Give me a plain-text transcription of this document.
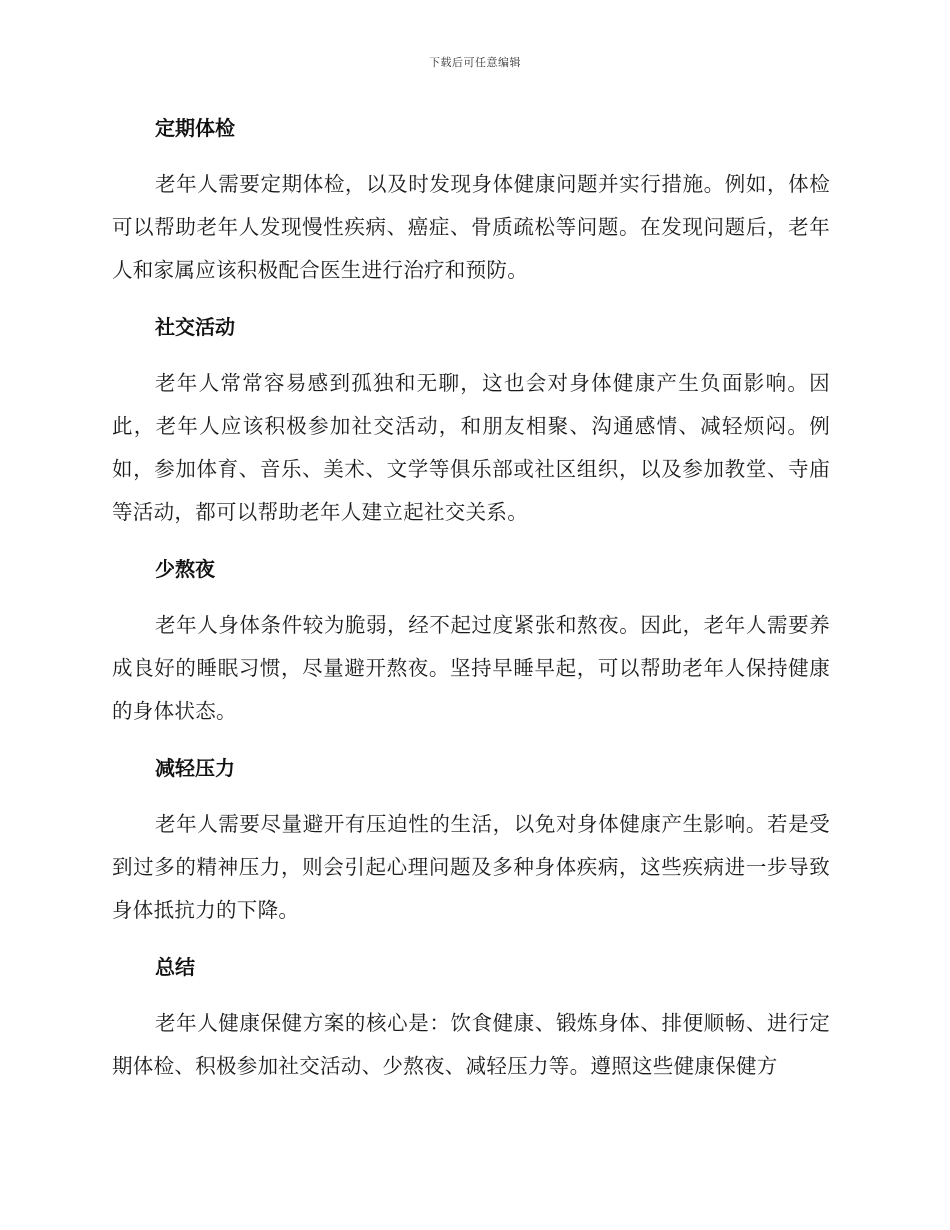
下载后可任意编辑
定期体检

老年人需要定期体检，以及时发现身体健康问题并实行措施。例如，体检可以帮助老年人发现慢性疾病、癌症、骨质疏松等问题。在发现问题后，老年人和家属应该积极配合医生进行治疗和预防。

社交活动

老年人常常容易感到孤独和无聊，这也会对身体健康产生负面影响。因此，老年人应该积极参加社交活动，和朋友相聚、沟通感情、减轻烦闷。例如，参加体育、音乐、美术、文学等俱乐部或社区组织，以及参加教堂、寺庙等活动，都可以帮助老年人建立起社交关系。

少熬夜

老年人身体条件较为脆弱，经不起过度紧张和熬夜。因此，老年人需要养成良好的睡眠习惯，尽量避开熬夜。坚持早睡早起，可以帮助老年人保持健康的身体状态。

减轻压力

老年人需要尽量避开有压迫性的生活，以免对身体健康产生影响。若是受到过多的精神压力，则会引起心理问题及多种身体疾病，这些疾病进一步导致身体抵抗力的下降。

总结

老年人健康保健方案的核心是：饮食健康、锻炼身体、排便顺畅、进行定期体检、积极参加社交活动、少熬夜、减轻压力等。遵照这些健康保健方
